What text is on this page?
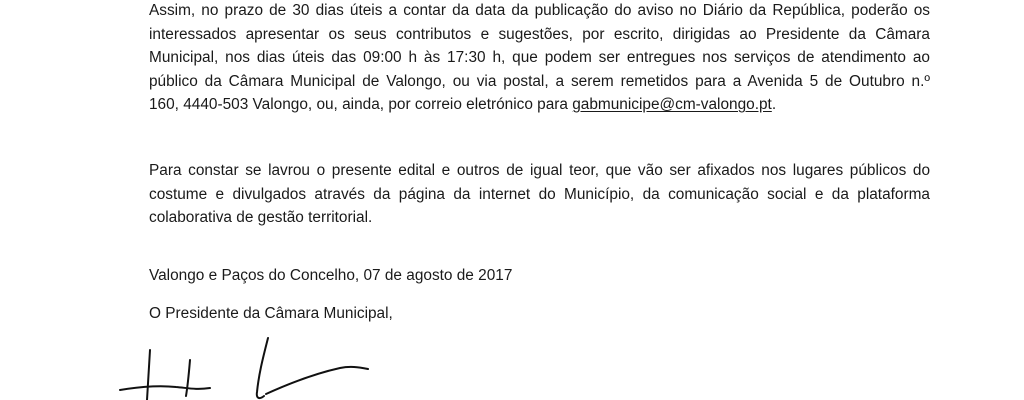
Assim, no prazo de 30 dias úteis a contar da data da publicação do aviso no Diário da República, poderão os
interessados apresentar os seus contributos e sugestões, por escrito, dirigidas ao Presidente da Câmara
Municipal, nos dias úteis das 09:00 h às 17:30 h, que podem ser entregues nos serviços de atendimento ao
público da Câmara Municipal de Valongo, ou via postal, a serem remetidos para a Avenida 5 de Outubro n.º
160, 4440-503 Valongo, ou, ainda, por correio eletrónico para gabmunicipe@cm-valongo.pt.
Para constar se lavrou o presente edital e outros de igual teor, que vão ser afixados nos lugares públicos do
costume e divulgados através da página da internet do Município, da comunicação social e da plataforma
colaborativa de gestão territorial.

Valongo e Paços do Concelho, 07 de agosto de 2017

O Presidente da Câmara Municipal,
